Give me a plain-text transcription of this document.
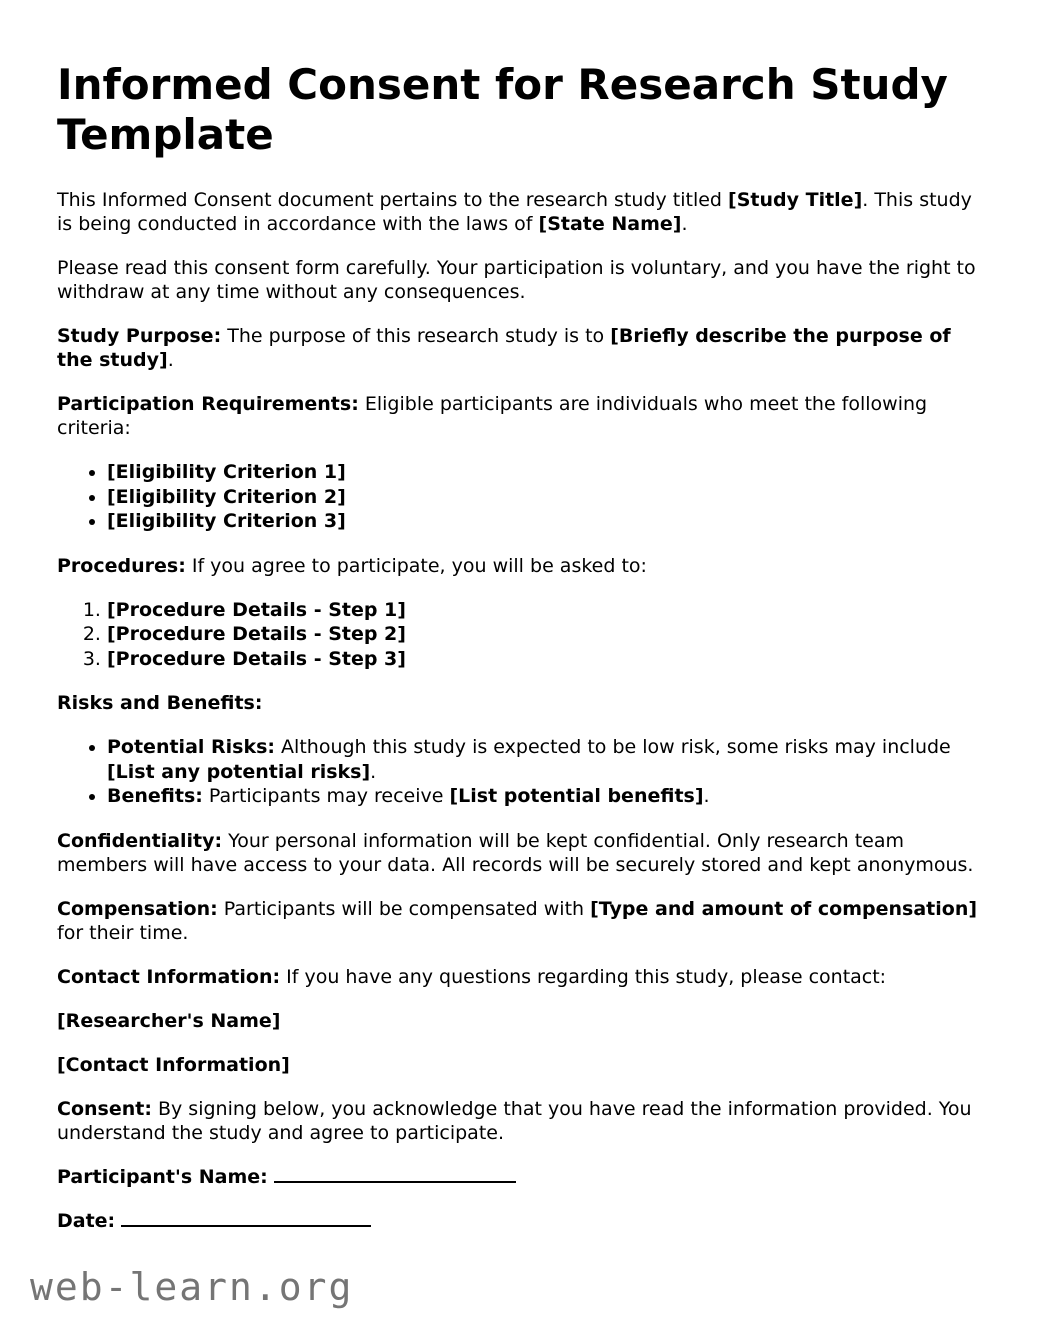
Informed Consent for Research Study Template

This Informed Consent document pertains to the research study titled [Study Title]. This study is being conducted in accordance with the laws of [State Name].

Please read this consent form carefully. Your participation is voluntary, and you have the right to withdraw at any time without any consequences.

Study Purpose: The purpose of this research study is to [Briefly describe the purpose of the study].

Participation Requirements: Eligible participants are individuals who meet the following criteria:

• [Eligibility Criterion 1]
• [Eligibility Criterion 2]
• [Eligibility Criterion 3]

Procedures: If you agree to participate, you will be asked to:

1. [Procedure Details - Step 1]
2. [Procedure Details - Step 2]
3. [Procedure Details - Step 3]

Risks and Benefits:

• Potential Risks: Although this study is expected to be low risk, some risks may include [List any potential risks].
• Benefits: Participants may receive [List potential benefits].

Confidentiality: Your personal information will be kept confidential. Only research team members will have access to your data. All records will be securely stored and kept anonymous.

Compensation: Participants will be compensated with [Type and amount of compensation] for their time.

Contact Information: If you have any questions regarding this study, please contact:

[Researcher's Name]

[Contact Information]

Consent: By signing below, you acknowledge that you have read the information provided. You understand the study and agree to participate.

Participant's Name:

Date:

web-learn.org
